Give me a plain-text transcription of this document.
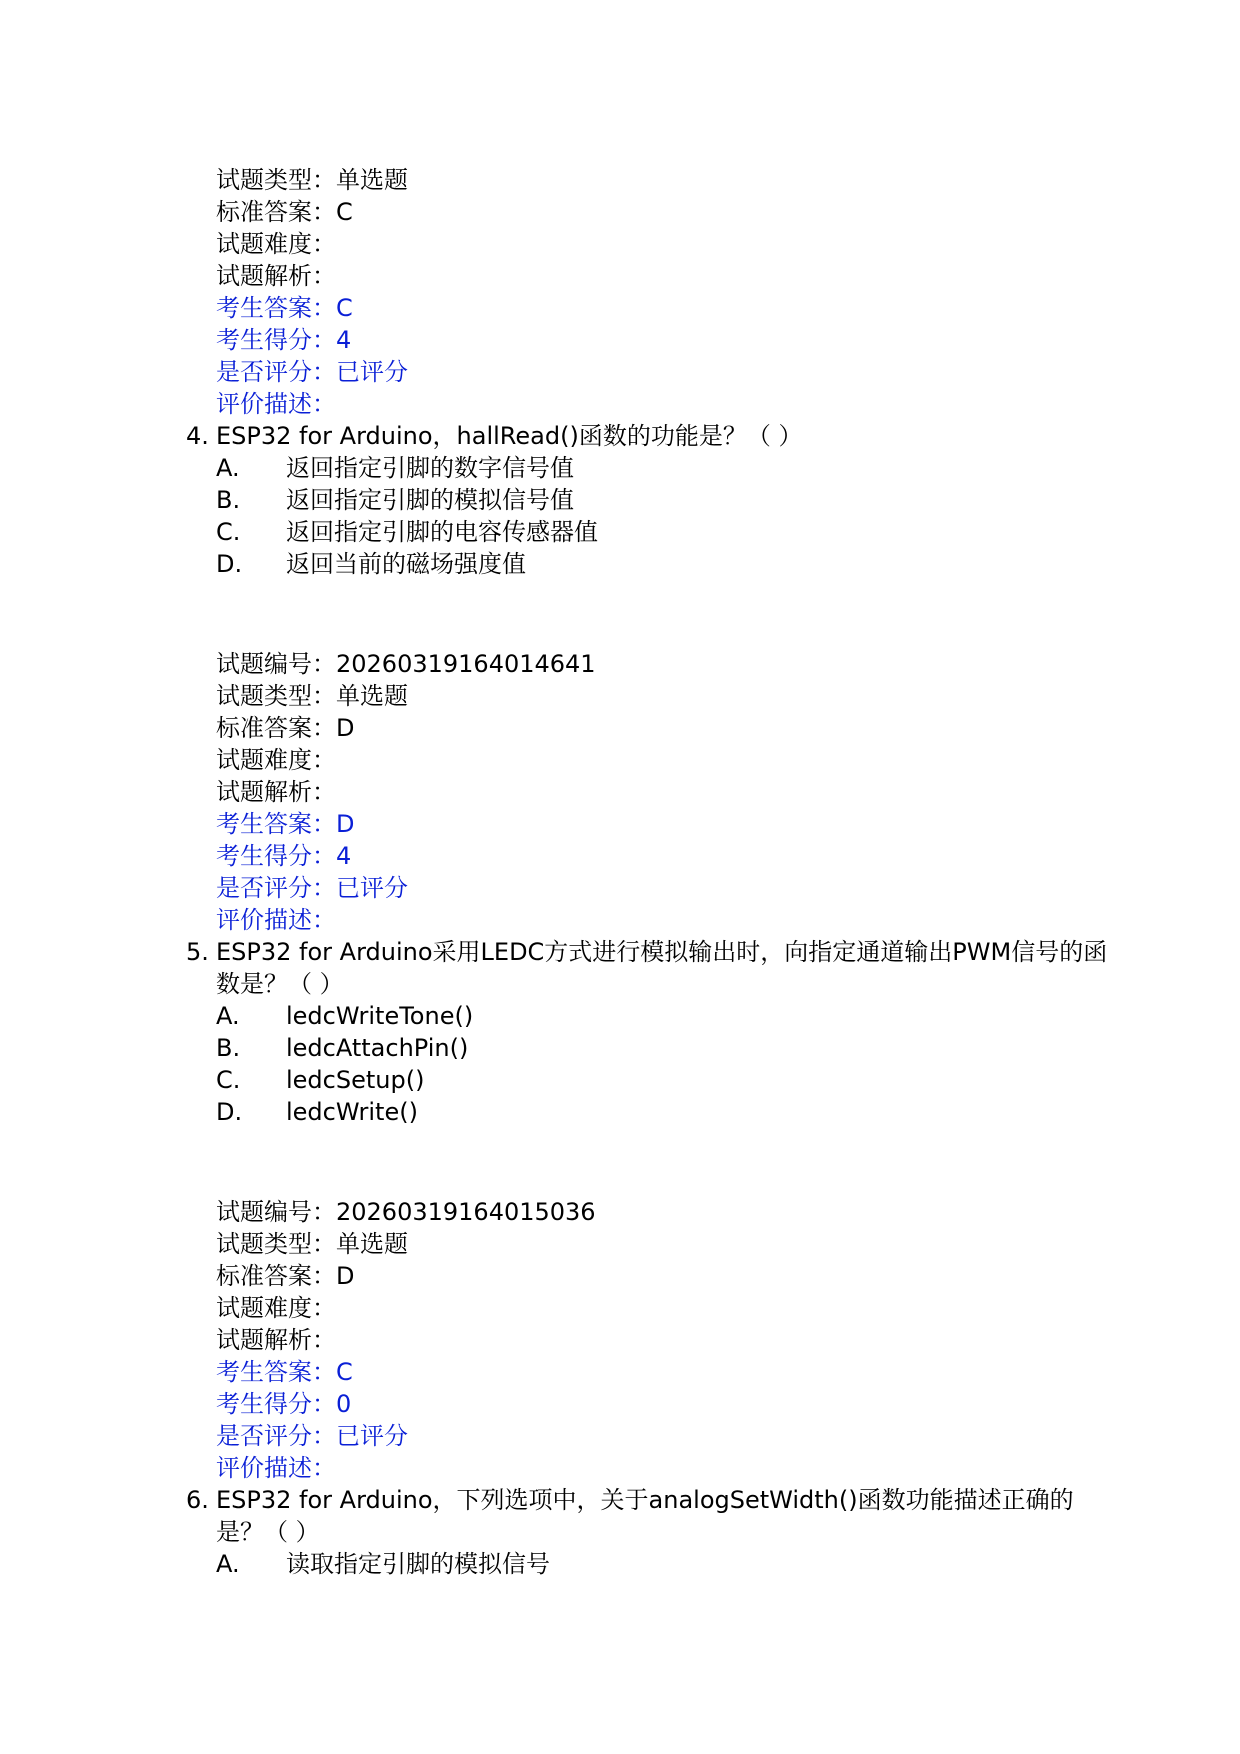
试题类型：单选题
标准答案：C
试题难度：
试题解析：
考生答案：C
考生得分：4
是否评分：已评分
评价描述：
4. ESP32 for Arduino，hallRead()函数的功能是？（ ）
A. 返回指定引脚的数字信号值
B. 返回指定引脚的模拟信号值
C. 返回指定引脚的电容传感器值
D. 返回当前的磁场强度值
试题编号：20260319164014641
试题类型：单选题
标准答案：D
试题难度：
试题解析：
考生答案：D
考生得分：4
是否评分：已评分
评价描述：
5. ESP32 for Arduino采用LEDC方式进行模拟输出时，向指定通道输出PWM信号的函数是？（ ）
A. ledcWriteTone()
B. ledcAttachPin()
C. ledcSetup()
D. ledcWrite()
试题编号：20260319164015036
试题类型：单选题
标准答案：D
试题难度：
试题解析：
考生答案：C
考生得分：0
是否评分：已评分
评价描述：
6. ESP32 for Arduino，下列选项中，关于analogSetWidth()函数功能描述正确的是？（ ）
A. 读取指定引脚的模拟信号
